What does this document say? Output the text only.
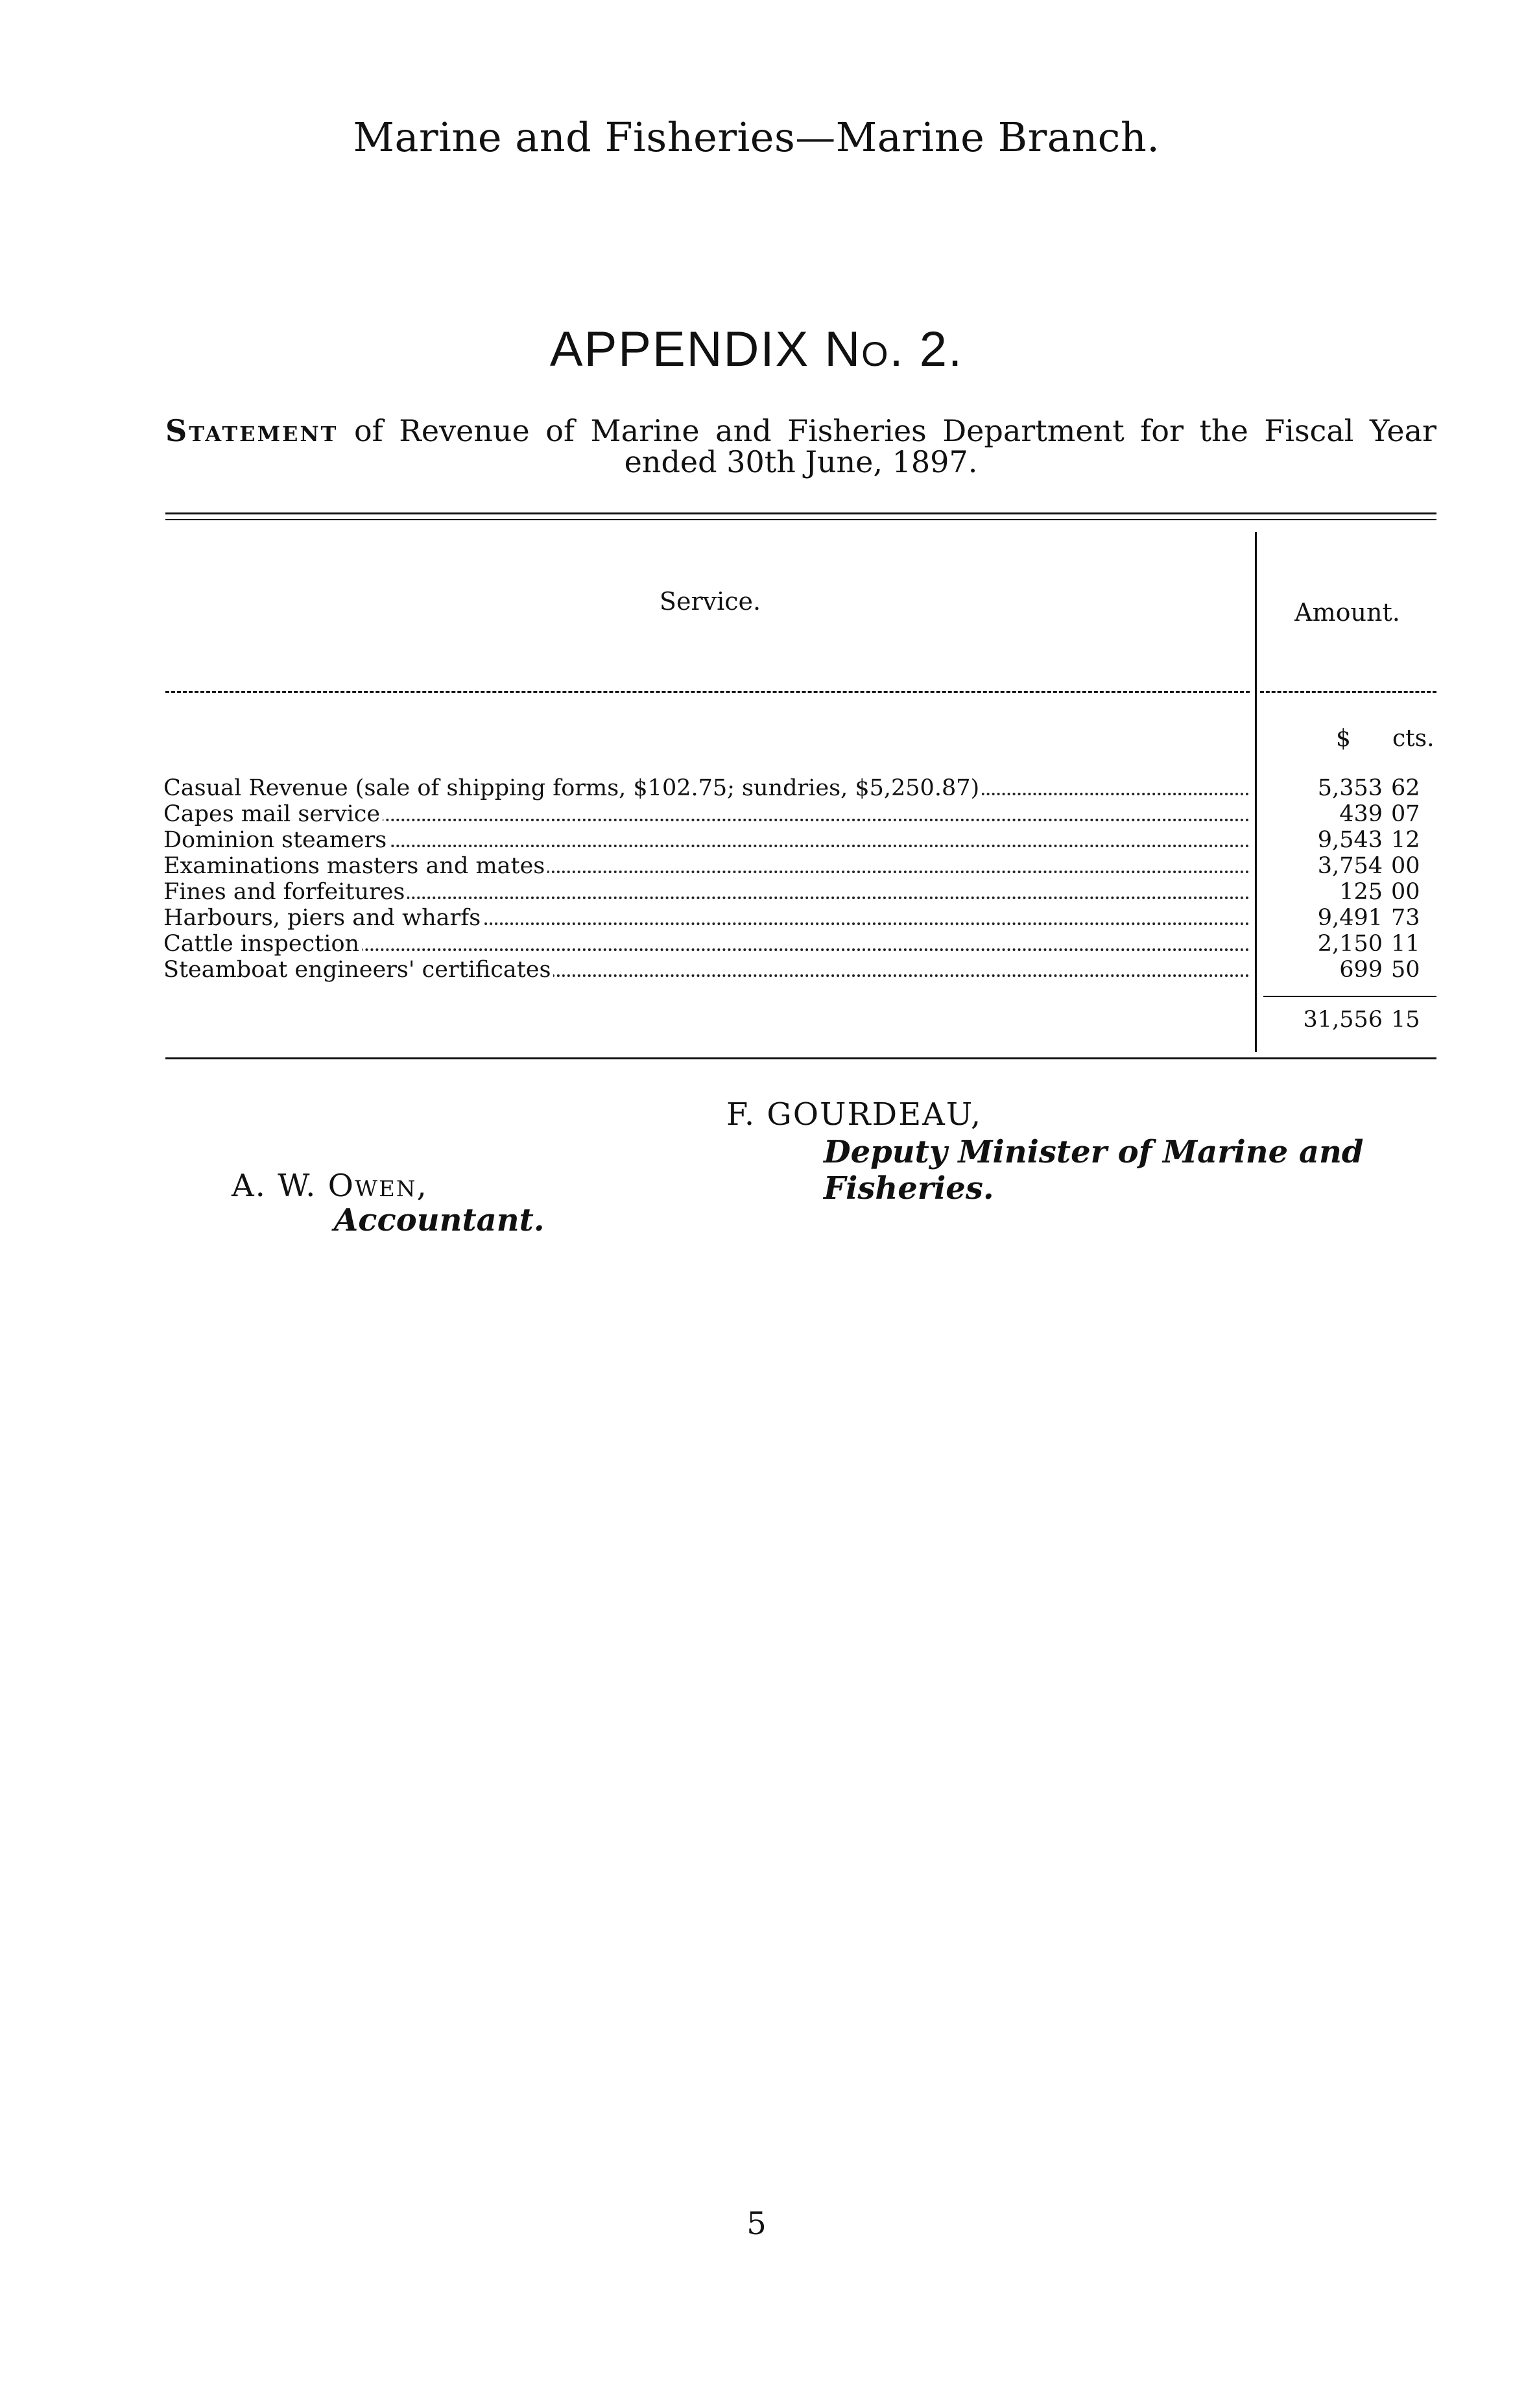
Marine and Fisheries—Marine Branch.
APPENDIX No. 2.
Statement of Revenue of Marine and Fisheries Department for the Fiscal Year
ended 30th June, 1897.
Service.	Amount.
$ cts.
Casual Revenue (sale of shipping forms, $102.75; sundries, $5,250.87)	5,353 62
Capes mail service	439 07
Dominion steamers	9,543 12
Examinations masters and mates	3,754 00
Fines and forfeitures	125 00
Harbours, piers and wharfs	9,491 73
Cattle inspection	2,150 11
Steamboat engineers' certificates	699 50
31,556 15
F. GOURDEAU,
Deputy Minister of Marine and Fisheries.
A. W. Owen,
Accountant.
5
